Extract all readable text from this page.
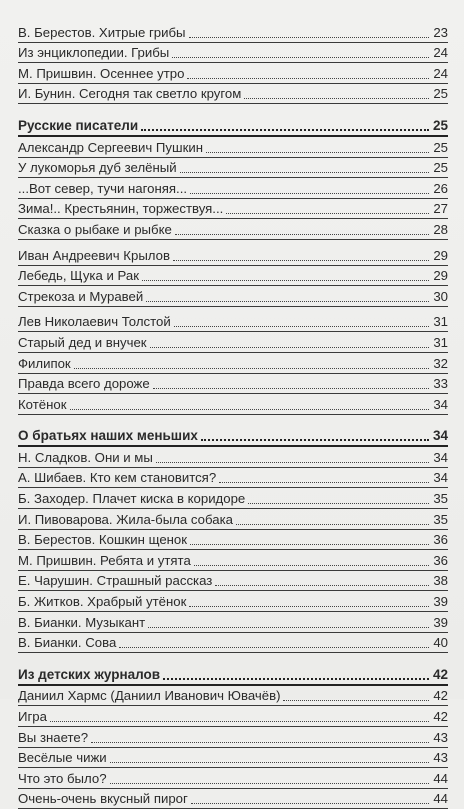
В. Берестов. Хитрые грибы	23
Из энциклопедии. Грибы	24
М. Пришвин. Осеннее утро	24
И. Бунин. Сегодня так светло кругом	25
Русские писатели	25
Александр Сергеевич Пушкин	25
У лукоморья дуб зелёный	25
...Вот север, тучи нагоняя...	26
Зима!.. Крестьянин, торжествуя...	27
Сказка о рыбаке и рыбке	28
Иван Андреевич Крылов	29
Лебедь, Щука и Рак	29
Стрекоза и Муравей	30
Лев Николаевич Толстой	31
Старый дед и внучек	31
Филипок	32
Правда всего дороже	33
Котёнок	34
О братьях наших меньших	34
Н. Сладков. Они и мы	34
А. Шибаев. Кто кем становится?	34
Б. Заходер. Плачет киска в коридоре	35
И. Пивоварова. Жила-была собака	35
В. Берестов. Кошкин щенок	36
М. Пришвин. Ребята и утята	36
Е. Чарушин. Страшный рассказ	38
Б. Житков. Храбрый утёнок	39
В. Бианки. Музыкант	39
В. Бианки. Сова	40
Из детских журналов	42
Даниил Хармс (Даниил Иванович Ювачёв)	42
Игра	42
Вы знаете?	43
Весёлые чижи	43
Что это было?	44
Очень-очень вкусный пирог	44
